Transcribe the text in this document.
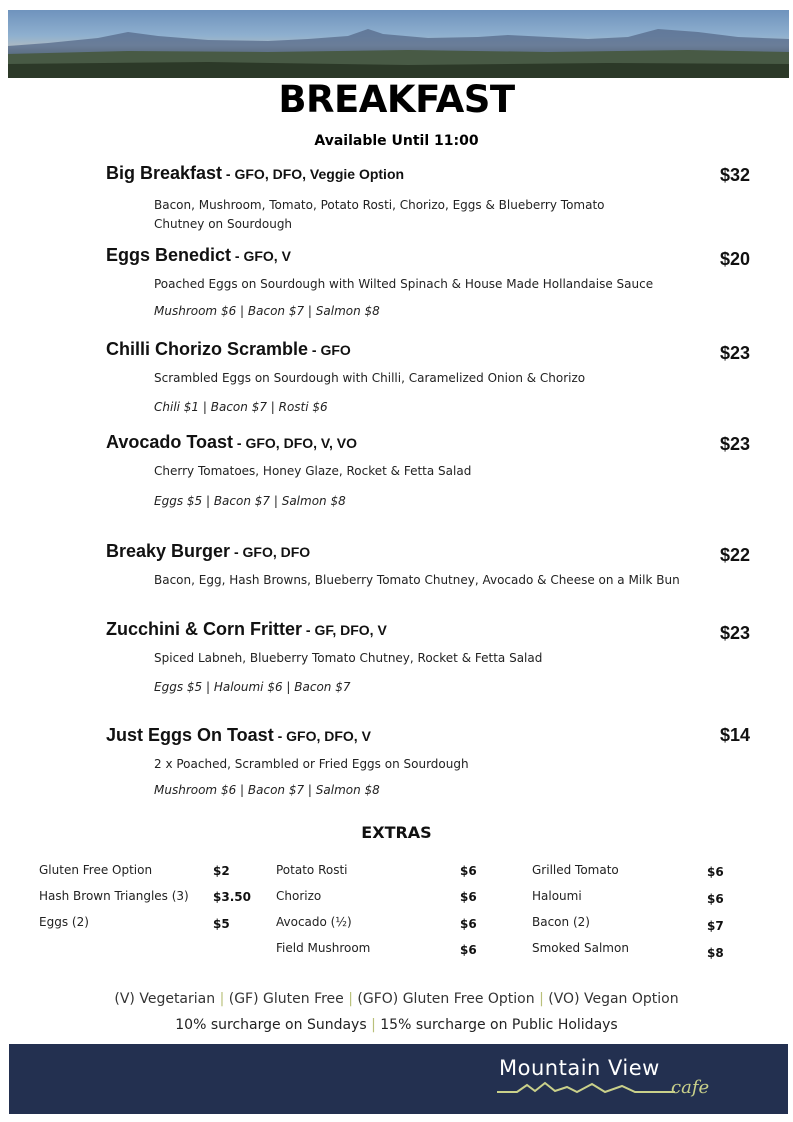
BREAKFAST
Available Until 11:00
Big Breakfast - GFO, DFO, Veggie Option	$32
Bacon, Mushroom, Tomato, Potato Rosti, Chorizo, Eggs & Blueberry Tomato Chutney on Sourdough
Eggs Benedict - GFO, V	$20
Poached Eggs on Sourdough with Wilted Spinach & House Made Hollandaise Sauce
Mushroom $6 | Bacon $7 | Salmon $8
Chilli Chorizo Scramble - GFO	$23
Scrambled Eggs on Sourdough with Chilli, Caramelized Onion & Chorizo
Chili $1 | Bacon $7 | Rosti $6
Avocado Toast - GFO, DFO, V, VO	$23
Cherry Tomatoes, Honey Glaze, Rocket & Fetta Salad
Eggs $5 | Bacon $7 | Salmon $8
Breaky Burger - GFO, DFO	$22
Bacon, Egg, Hash Browns, Blueberry Tomato Chutney, Avocado & Cheese on a Milk Bun
Zucchini & Corn Fritter - GF, DFO, V	$23
Spiced Labneh, Blueberry Tomato Chutney, Rocket & Fetta Salad
Eggs $5 | Haloumi $6 | Bacon $7
Just Eggs On Toast - GFO, DFO, V	$14
2 x Poached, Scrambled or Fried Eggs on Sourdough
Mushroom $6 | Bacon $7 | Salmon $8
EXTRAS
Gluten Free Option	$2
Hash Brown Triangles (3) $3.50
Eggs (2)	$5
Potato Rosti	$6
Chorizo	$6
Avocado (½)	$6
Field Mushroom	$6
Grilled Tomato	$6
Haloumi	$6
Bacon (2)	$7
Smoked Salmon	$8
(V) Vegetarian | (GF) Gluten Free | (GFO) Gluten Free Option | (VO) Vegan Option
10% surcharge on Sundays | 15% surcharge on Public Holidays
Mountain View
cafe
